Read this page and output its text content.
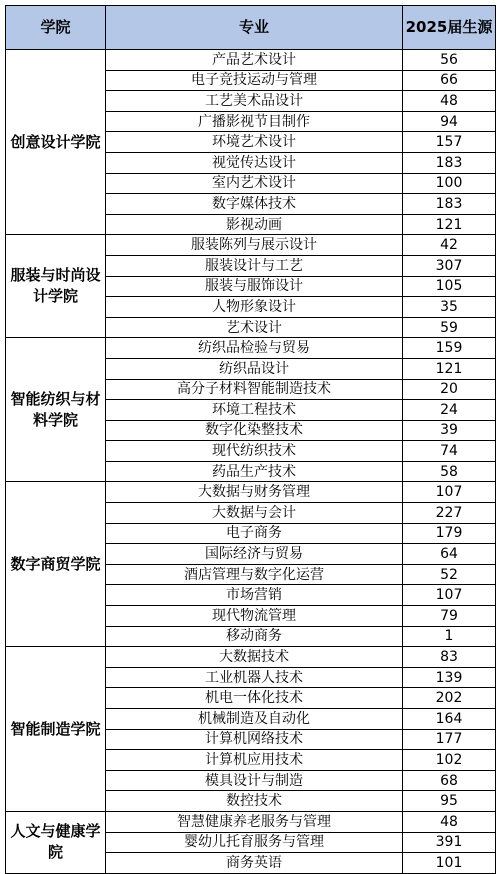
学院	专业	2025届生源
创意设计学院	产品艺术设计	56
	电子竞技运动与管理	66
	工艺美术品设计	48
	广播影视节目制作	94
	环境艺术设计	157
	视觉传达设计	183
	室内艺术设计	100
	数字媒体技术	183
	影视动画	121
服装与时尚设计学院	服装陈列与展示设计	42
	服装设计与工艺	307
	服装与服饰设计	105
	人物形象设计	35
	艺术设计	59
智能纺织与材料学院	纺织品检验与贸易	159
	纺织品设计	121
	高分子材料智能制造技术	20
	环境工程技术	24
	数字化染整技术	39
	现代纺织技术	74
	药品生产技术	58
数字商贸学院	大数据与财务管理	107
	大数据与会计	227
	电子商务	179
	国际经济与贸易	64
	酒店管理与数字化运营	52
	市场营销	107
	现代物流管理	79
	移动商务	1
智能制造学院	大数据技术	83
	工业机器人技术	139
	机电一体化技术	202
	机械制造及自动化	164
	计算机网络技术	177
	计算机应用技术	102
	模具设计与制造	68
	数控技术	95
人文与健康学院	智慧健康养老服务与管理	48
	婴幼儿托育服务与管理	391
	商务英语	101
